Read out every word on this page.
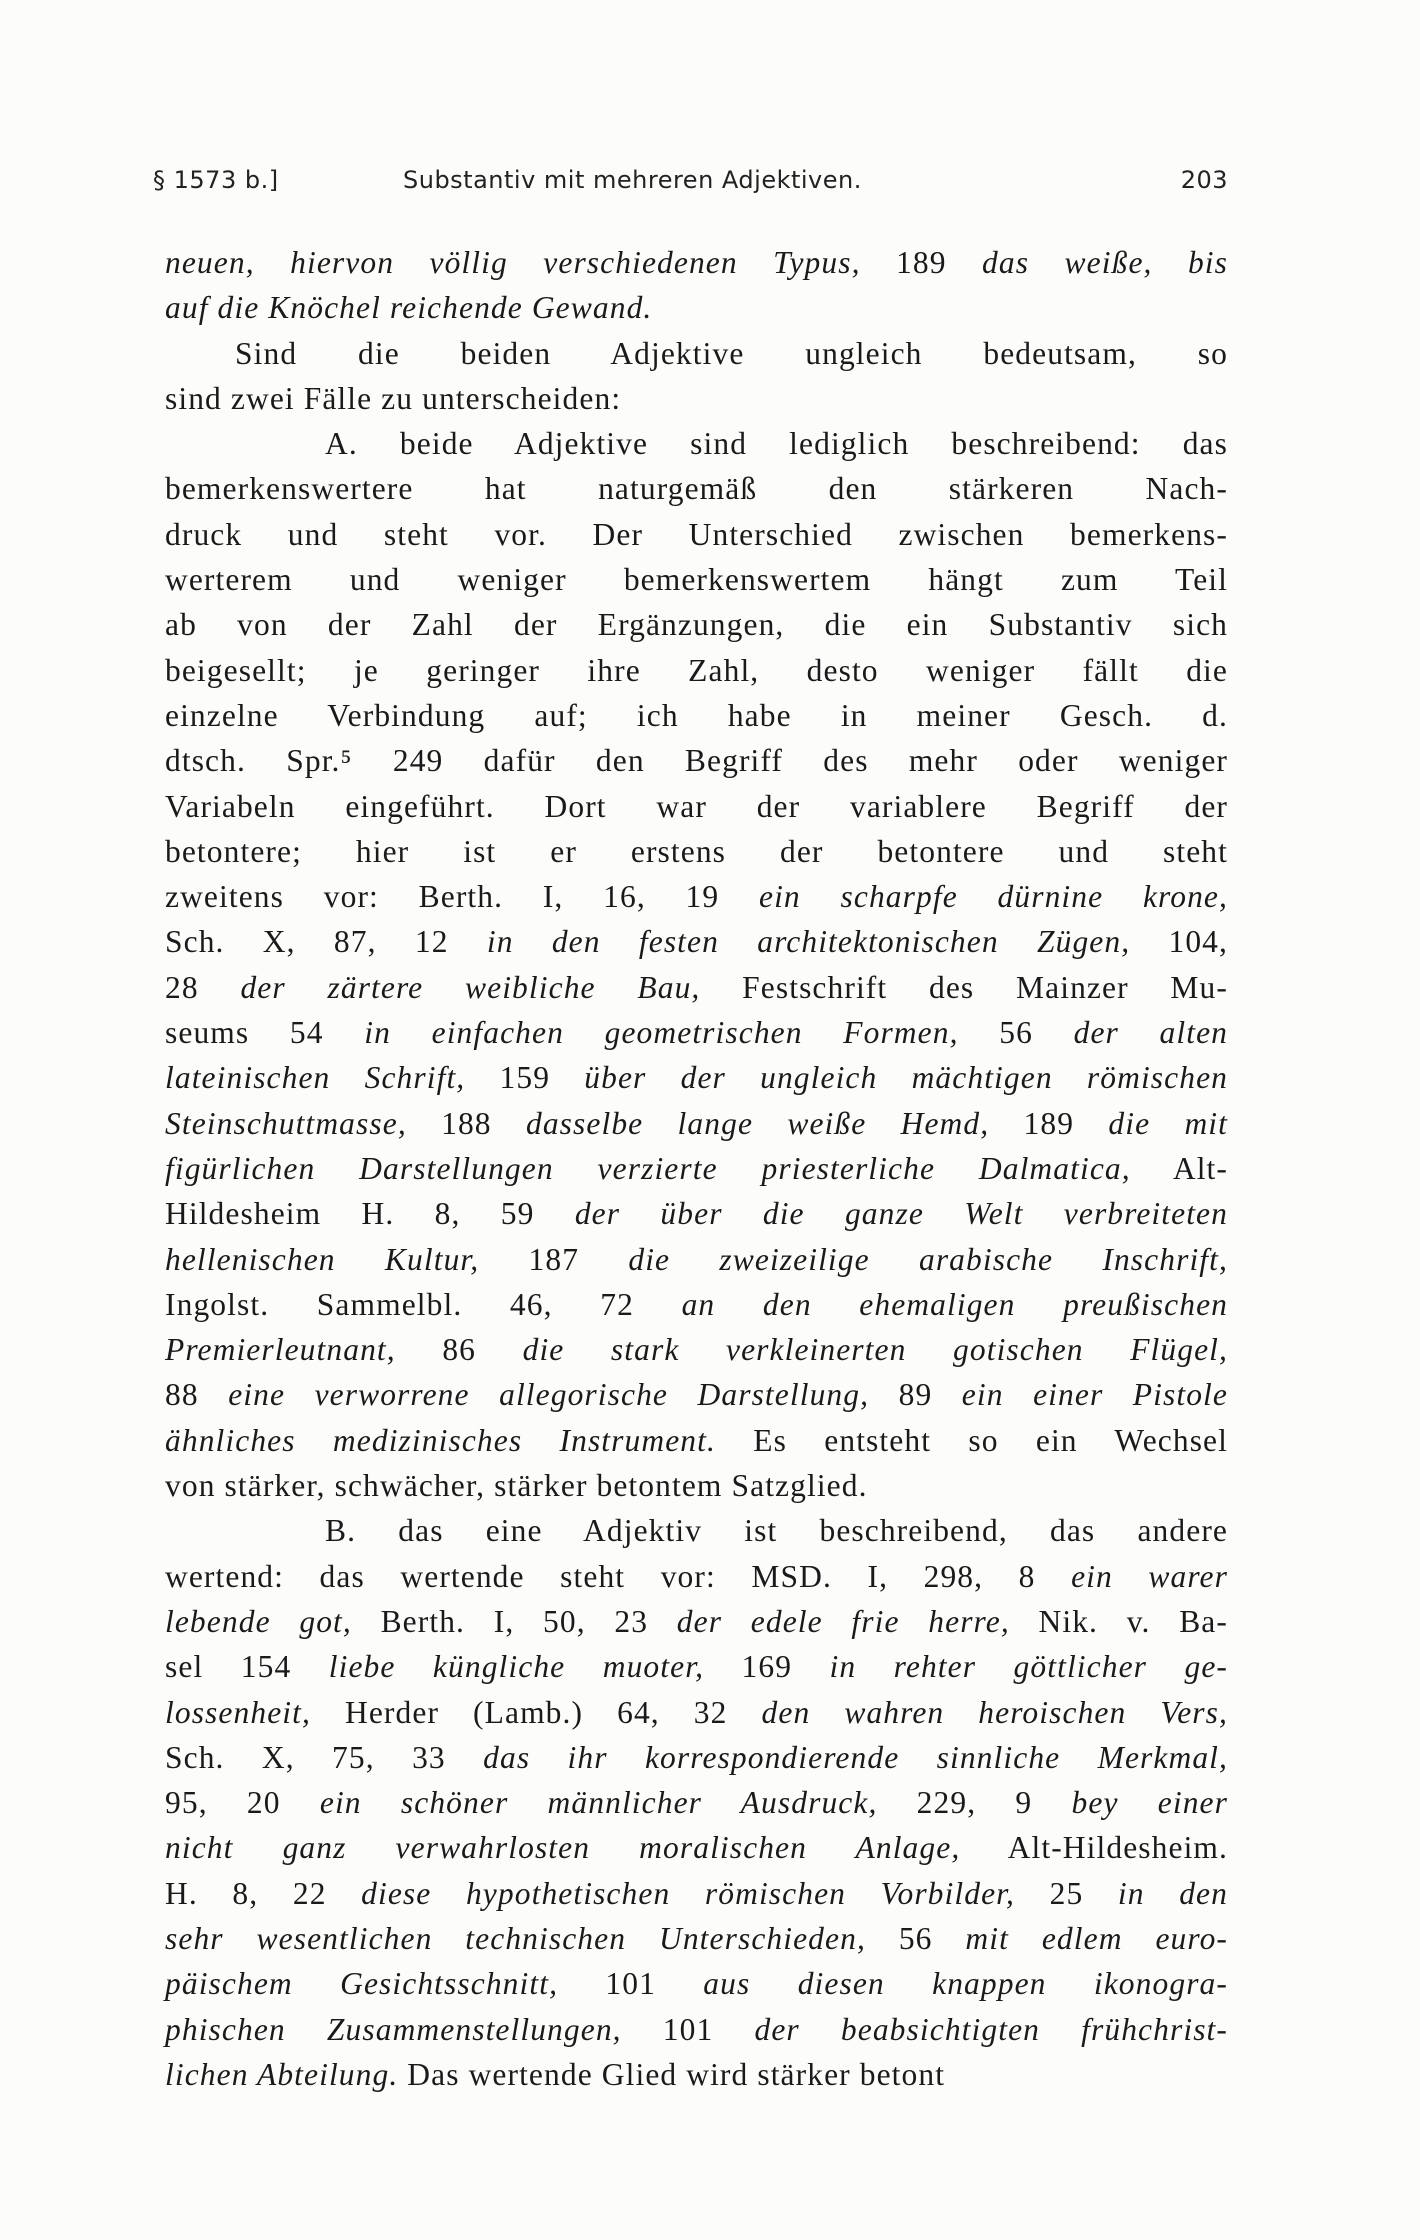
§ 1573 b.]	Substantiv mit mehreren Adjektiven.	203
neuen, hiervon völlig verschiedenen Typus, 189 das weiße, bis
auf die Knöchel reichende Gewand.
Sind die beiden Adjektive ungleich bedeutsam, so
sind zwei Fälle zu unterscheiden:
A. beide Adjektive sind lediglich beschreibend: das
bemerkenswertere hat naturgemäß den stärkeren Nach-
druck und steht vor. Der Unterschied zwischen bemerkens-
werterem und weniger bemerkenswertem hängt zum Teil
ab von der Zahl der Ergänzungen, die ein Substantiv sich
beigesellt; je geringer ihre Zahl, desto weniger fällt die
einzelne Verbindung auf; ich habe in meiner Gesch. d.
dtsch. Spr.⁵ 249 dafür den Begriff des mehr oder weniger
Variabeln eingeführt. Dort war der variablere Begriff der
betontere; hier ist er erstens der betontere und steht
zweitens vor: Berth. I, 16, 19 ein scharpfe dürnine krone,
Sch. X, 87, 12 in den festen architektonischen Zügen, 104,
28 der zärtere weibliche Bau, Festschrift des Mainzer Mu-
seums 54 in einfachen geometrischen Formen, 56 der alten
lateinischen Schrift, 159 über der ungleich mächtigen römischen
Steinschuttmasse, 188 dasselbe lange weiße Hemd, 189 die mit
figürlichen Darstellungen verzierte priesterliche Dalmatica, Alt-
Hildesheim H. 8, 59 der über die ganze Welt verbreiteten
hellenischen Kultur, 187 die zweizeilige arabische Inschrift,
Ingolst. Sammelbl. 46, 72 an den ehemaligen preußischen
Premierleutnant, 86 die stark verkleinerten gotischen Flügel,
88 eine verworrene allegorische Darstellung, 89 ein einer Pistole
ähnliches medizinisches Instrument. Es entsteht so ein Wechsel
von stärker, schwächer, stärker betontem Satzglied.
B. das eine Adjektiv ist beschreibend, das andere
wertend: das wertende steht vor: MSD. I, 298, 8 ein warer
lebende got, Berth. I, 50, 23 der edele frie herre, Nik. v. Ba-
sel 154 liebe küngliche muoter, 169 in rehter göttlicher ge-
lossenheit, Herder (Lamb.) 64, 32 den wahren heroischen Vers,
Sch. X, 75, 33 das ihr korrespondierende sinnliche Merkmal,
95, 20 ein schöner männlicher Ausdruck, 229, 9 bey einer
nicht ganz verwahrlosten moralischen Anlage, Alt-Hildesheim.
H. 8, 22 diese hypothetischen römischen Vorbilder, 25 in den
sehr wesentlichen technischen Unterschieden, 56 mit edlem euro-
päischem Gesichtsschnitt, 101 aus diesen knappen ikonogra-
phischen Zusammenstellungen, 101 der beabsichtigten frühchrist-
lichen Abteilung. Das wertende Glied wird stärker betont
